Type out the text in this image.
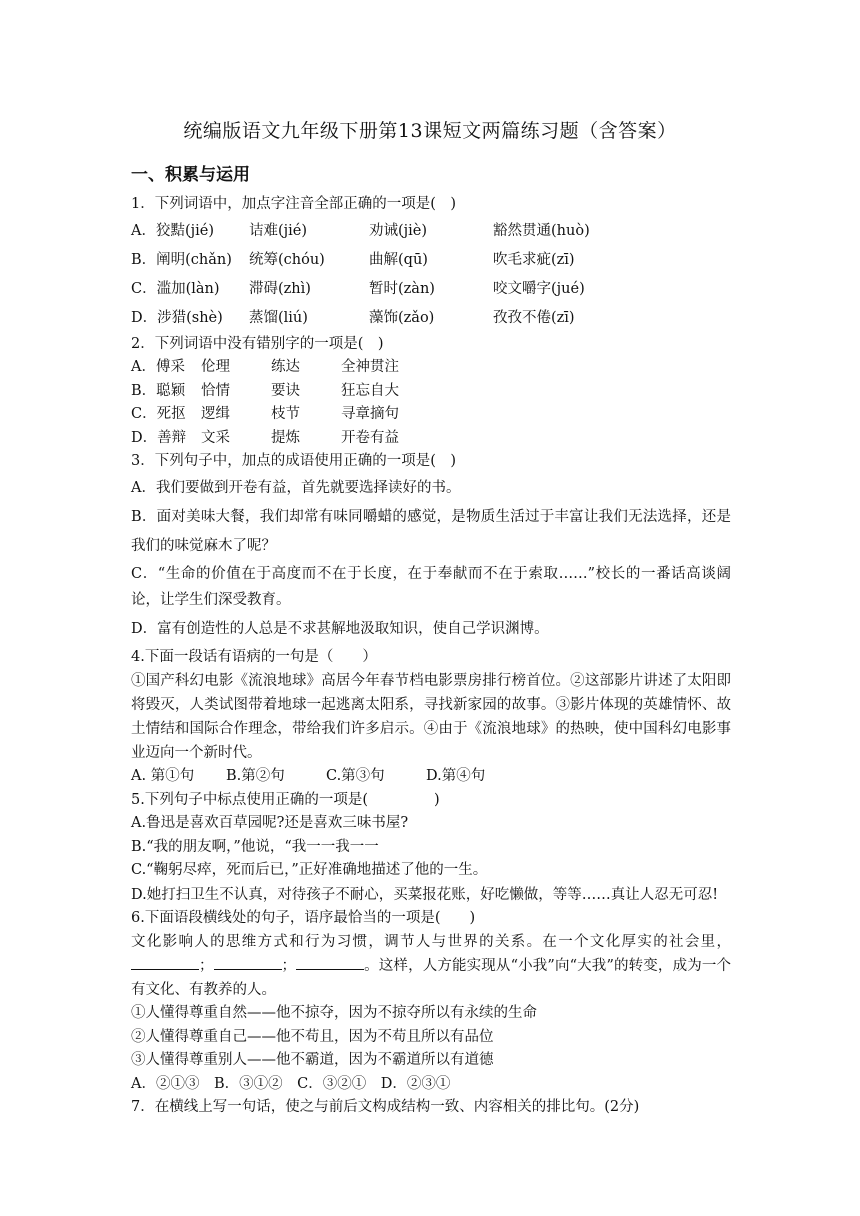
统编版语文九年级下册第13课短文两篇练习题（含答案）
一、积累与运用
1．下列词语中，加点字注音全部正确的一项是(　)
A．狡黠(jié)	诘难(jié)	劝诫(jiè)	豁然贯通(huò)
B．阐明(chǎn)	统筹(chóu)	曲解(qū)	吹毛求疵(zī)
C．滥加(làn)	滞碍(zhì)	暂时(zàn)	咬文嚼字(jué)
D．涉猎(shè)	蒸馏(liú)	藻饰(zǎo)	孜孜不倦(zī)
2．下列词语中没有错别字的一项是(　)
A．傅采	伦理	练达	全神贯注
B．聪颖	恰情	要诀	狂忘自大
C．死抠	逻缉	枝节	寻章摘句
D．善辩	文采	提炼	开卷有益
3．下列句子中，加点的成语使用正确的一项是(　)
A．我们要做到开卷有益，首先就要选择读好的书。
B．面对美味大餐，我们却常有味同嚼蜡的感觉，是物质生活过于丰富让我们无法选择，还是我们的味觉麻木了呢？
C．“生命的价值在于高度而不在于长度，在于奉献而不在于索取……”校长的一番话高谈阔论，让学生们深受教育。
D．富有创造性的人总是不求甚解地汲取知识，使自己学识渊博。
4.下面一段话有语病的一句是（　　）
①国产科幻电影《流浪地球》高居今年春节档电影票房排行榜首位。②这部影片讲述了太阳即将毁灭，人类试图带着地球一起逃离太阳系，寻找新家园的故事。③影片体现的英雄情怀、故土情结和国际合作理念，带给我们许多启示。④由于《流浪地球》的热映，使中国科幻电影事业迈向一个新时代。
A. 第①句	B.第②句	C.第③句	D.第④句
5.下列句子中标点使用正确的一项是(	)
A.鲁迅是喜欢百草园呢?还是喜欢三味书屋?
B.“我的朋友啊，”他说，“我一一我一一
C.“鞠躬尽瘁，死而后已，”正好准确地描述了他的一生。
D.她打扫卫生不认真，对待孩子不耐心，买菜报花账，好吃懒做，等等……真让人忍无可忍!
6.下面语段横线处的句子，语序最恰当的一项是(　　)
文化影响人的思维方式和行为习惯，调节人与世界的关系。在一个文化厚实的社会里，；	；	。这样，人方能实现从“小我”向“大我”的转变，成为一个有文化、有教养的人。
①人懂得尊重自然——他不掠夺，因为不掠夺所以有永续的生命
②人懂得尊重自己——他不苟且，因为不苟且所以有品位
③人懂得尊重别人——他不霸道，因为不霸道所以有道德
A．②①③　B．③①②　C．③②①　D．②③①
7．在横线上写一句话，使之与前后文构成结构一致、内容相关的排比句。(2分)
